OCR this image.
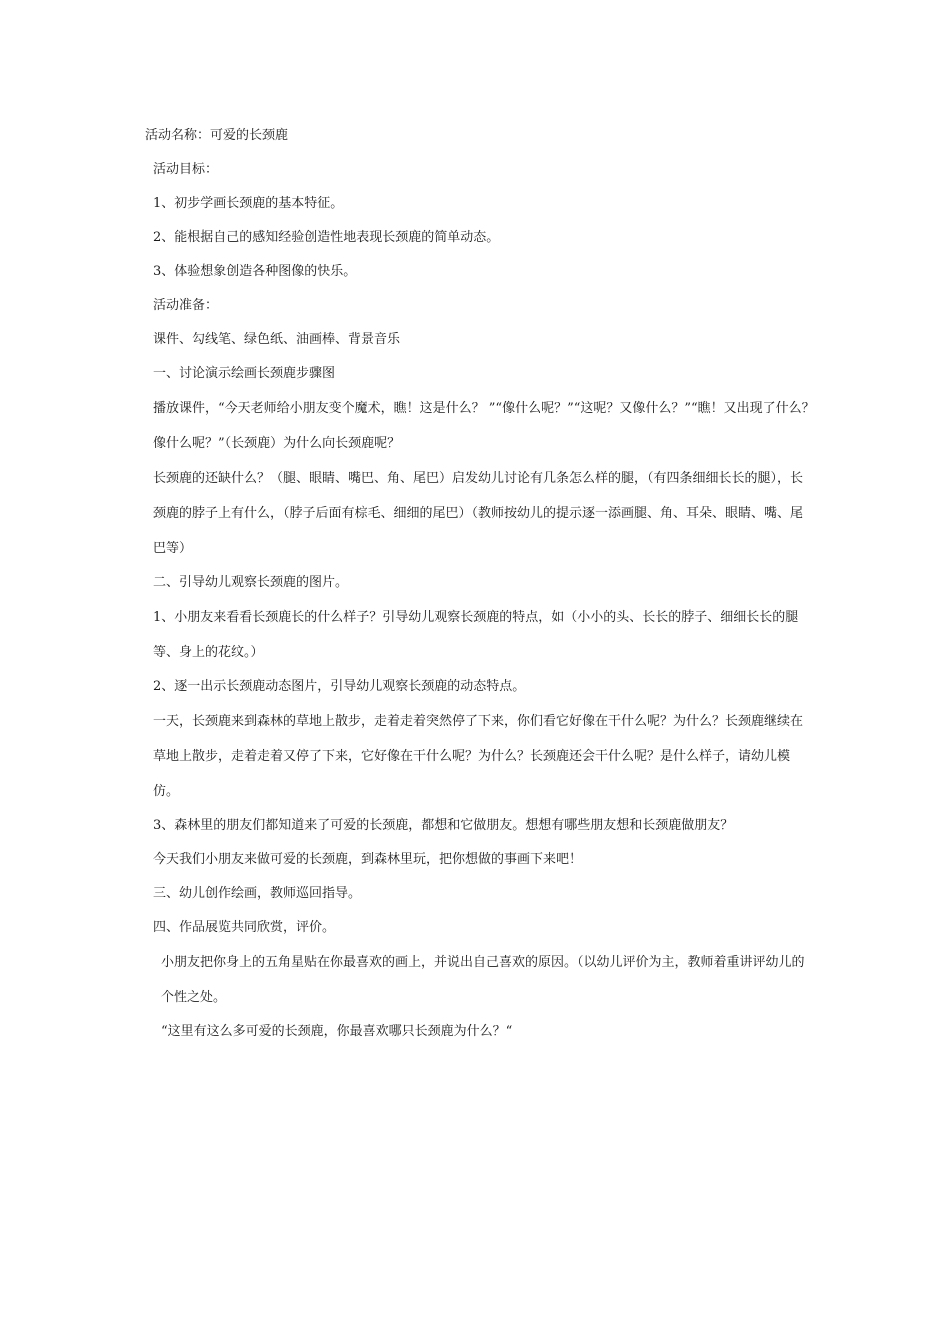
活动名称：可爱的长颈鹿

活动目标：

1、初步学画长颈鹿的基本特征。

2、能根据自己的感知经验创造性地表现长颈鹿的简单动态。

3、体验想象创造各种图像的快乐。

活动准备：

课件、勾线笔、绿色纸、油画棒、背景音乐

一、讨论演示绘画长颈鹿步骤图

播放课件，“今天老师给小朋友变个魔术，瞧！这是什么？ ”“像什么呢？”“这呢？又像什么？”“瞧！又出现了什么？像什么呢？”（长颈鹿）为什么向长颈鹿呢？

长颈鹿的还缺什么？（腿、眼睛、嘴巴、角、尾巴）启发幼儿讨论有几条怎么样的腿，（有四条细细长长的腿），长颈鹿的脖子上有什么，（脖子后面有棕毛、细细的尾巴）（教师按幼儿的提示逐一添画腿、角、耳朵、眼睛、嘴、尾巴等）

二、引导幼儿观察长颈鹿的图片。

1、小朋友来看看长颈鹿长的什么样子？引导幼儿观察长颈鹿的特点，如（小小的头、长长的脖子、细细长长的腿等、身上的花纹。）

2、逐一出示长颈鹿动态图片，引导幼儿观察长颈鹿的动态特点。

一天，长颈鹿来到森林的草地上散步，走着走着突然停了下来，你们看它好像在干什么呢？为什么？长颈鹿继续在草地上散步，走着走着又停了下来，它好像在干什么呢？为什么？长颈鹿还会干什么呢？是什么样子，请幼儿模仿。

3、森林里的朋友们都知道来了可爱的长颈鹿，都想和它做朋友。想想有哪些朋友想和长颈鹿做朋友？

今天我们小朋友来做可爱的长颈鹿，到森林里玩，把你想做的事画下来吧！

三、幼儿创作绘画，教师巡回指导。

四、作品展览共同欣赏，评价。

小朋友把你身上的五角星贴在你最喜欢的画上，并说出自己喜欢的原因。（以幼儿评价为主，教师着重讲评幼儿的个性之处。

“这里有这么多可爱的长颈鹿，你最喜欢哪只长颈鹿为什么？“
